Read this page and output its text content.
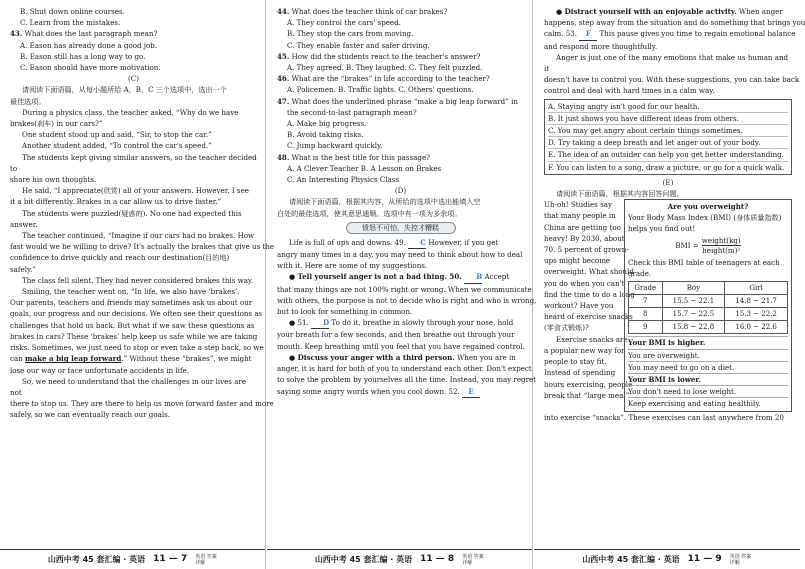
B. Shut down online courses.
C. Learn from the mistakes.
43. What does the last paragraph mean?
A. Eason has already done a good job.
B. Eason still has a long way to go.
C. Eason should have more motivation.
(C)
请阅读下面语篇，从每小题所给 A，B，C 三个选项中，选出一个
最佳选项。
During a physics class, the teacher asked, “Why do we have
brakes(刹车) in our cars?”
One student stood up and said, “Sir, to stop the car.”
Another student added, “To control the car's speed.”
The students kept giving similar answers, so the teacher decided to
share his own thoughts.
He said, “I appreciate(欣赏) all of your answers. However, I see
it a bit differently. Brakes in a car allow us to drive faster.”
The students were puzzled(疑惑的). No one had expected this
answer.
The teacher continued, “Imagine if our cars had no brakes. How
fast would we be willing to drive? It's actually the brakes that give us the
confidence to drive quickly and reach our destination(目的地)
safely.”
The class fell silent. They had never considered brakes this way.
Smiling, the teacher went on, “In life, we also have ‘brakes’.
Our parents, teachers and friends may sometimes ask us about our
goals, our progress and our decisions. We often see their questions as
challenges that hold us back. But what if we saw these questions as
brakes in cars? These ‘brakes’ help keep us safe while we are taking
risks. Sometimes, we just need to stop or even take a step back, so we
can make a big leap forward.” Without these “brakes”, we might
lose our way or face unfortunate accidents in life.
So, we need to understand that the challenges in our lives are not
there to stop us. They are there to help us move forward faster and more
safely, so we can eventually reach our goals.
山西中考 45 套汇编 · 英语 11 — 7 英语 答案 详解
44. What does the teacher think of car brakes?
A. They control the cars' speed.
B. They stop the cars from moving.
C. They enable faster and safer driving.
45. How did the students react to the teacher's answer?
A. They agreed. B. They laughed. C. They felt puzzled.
46. What are the “brakes” in life according to the teacher?
A. Policemen. B. Traffic lights. C. Others' questions.
47. What does the underlined phrase “make a big leap forward” in
the second-to-last paragraph mean?
A. Make big progress.
B. Avoid taking risks.
C. Jump backward quickly.
48. What is the best title for this passage?
A. A Clever Teacher B. A Lesson on Brakes
C. An Interesting Physics Class
(D)
请阅读下面语篇，根据其内容，从所给的选项中选出能填入空
白处的最佳选项，使其意思通顺。选项中有一项为多余项。
愤怒不可怕，失控才糟糕
Life is full of ups and downs. 49. C However, if you get
angry many times in a day, you may need to think about how to deal
with it. Here are some of my suggestions.
● Tell yourself anger is not a bad thing. 50. B Accept
that many things are not 100% right or wrong. When we communicate
with others, the purpose is not to decide who is right and who is wrong,
but to look for something in common.
● 51. D To do it, breathe in slowly through your nose, hold
your breath for a few seconds, and then breathe out through your
mouth. Keep breathing until you feel that you have regained control.
● Discuss your anger with a third person. When you are in
anger, it is hard for both of you to understand each other. Don't expect
to solve the problem by yourselves all the time. Instead, you may regret
saying some angry words when you cool down. 52. E
山西中考 45 套汇编 · 英语 11 — 8 英语 答案 详解
● Distract yourself with an enjoyable activity. When anger
happens, step away from the situation and do something that brings you
calm. 53. F This pause gives you time to regain emotional balance
and respond more thoughtfully.
Anger is just one of the many emotions that make us human and it
doesn't have to control you. With these suggestions, you can take back
control and deal with hard times in a calm way.
A. Staying angry isn't good for our health.
B. It just shows you have different ideas from others.
C. You may get angry about certain things sometimes.
D. Try taking a deep breath and let anger out of your body.
E. The idea of an outsider can help you get better understanding.
F. You can listen to a song, draw a picture, or go for a quick walk.
(E)
请阅读下面语篇，根据其内容回答问题。
Uh-oh! Studies say
that many people in
China are getting too
heavy! By 2030, about
70. 5 percent of grown-
ups might become
overweight. What should
you do when you can't
find the time to do a long
workout? Have you
heard of exercise snacks
(零食式锻炼)?
Exercise snacks are
a popular new way for
people to stay fit.
Instead of spending
hours exercising, people
break that “large meal”
Are you overweight?
Your Body Mass Index (BMI) (身体质量指数) helps you find out!
BMI =
weight(kg)
height(m)²
Check this BMI table of teenagers at each grade.
Grade	Boy	Girl
7	15.5 ~ 22.1	14.8 ~ 21.7
8	15.7 ~ 22.5	15.3 ~ 22.2
9	15.8 ~ 22.8	16.0 ~ 22.6
Your BMI is higher.
You are overweight.
You may need to go on a diet.
Your BMI is lower.
You don't need to lose weight.
Keep exercising and eating healthily.
into exercise “snacks”. These exercises can last anywhere from 20
山西中考 45 套汇编 · 英语 11 — 9 英语 答案 详解
